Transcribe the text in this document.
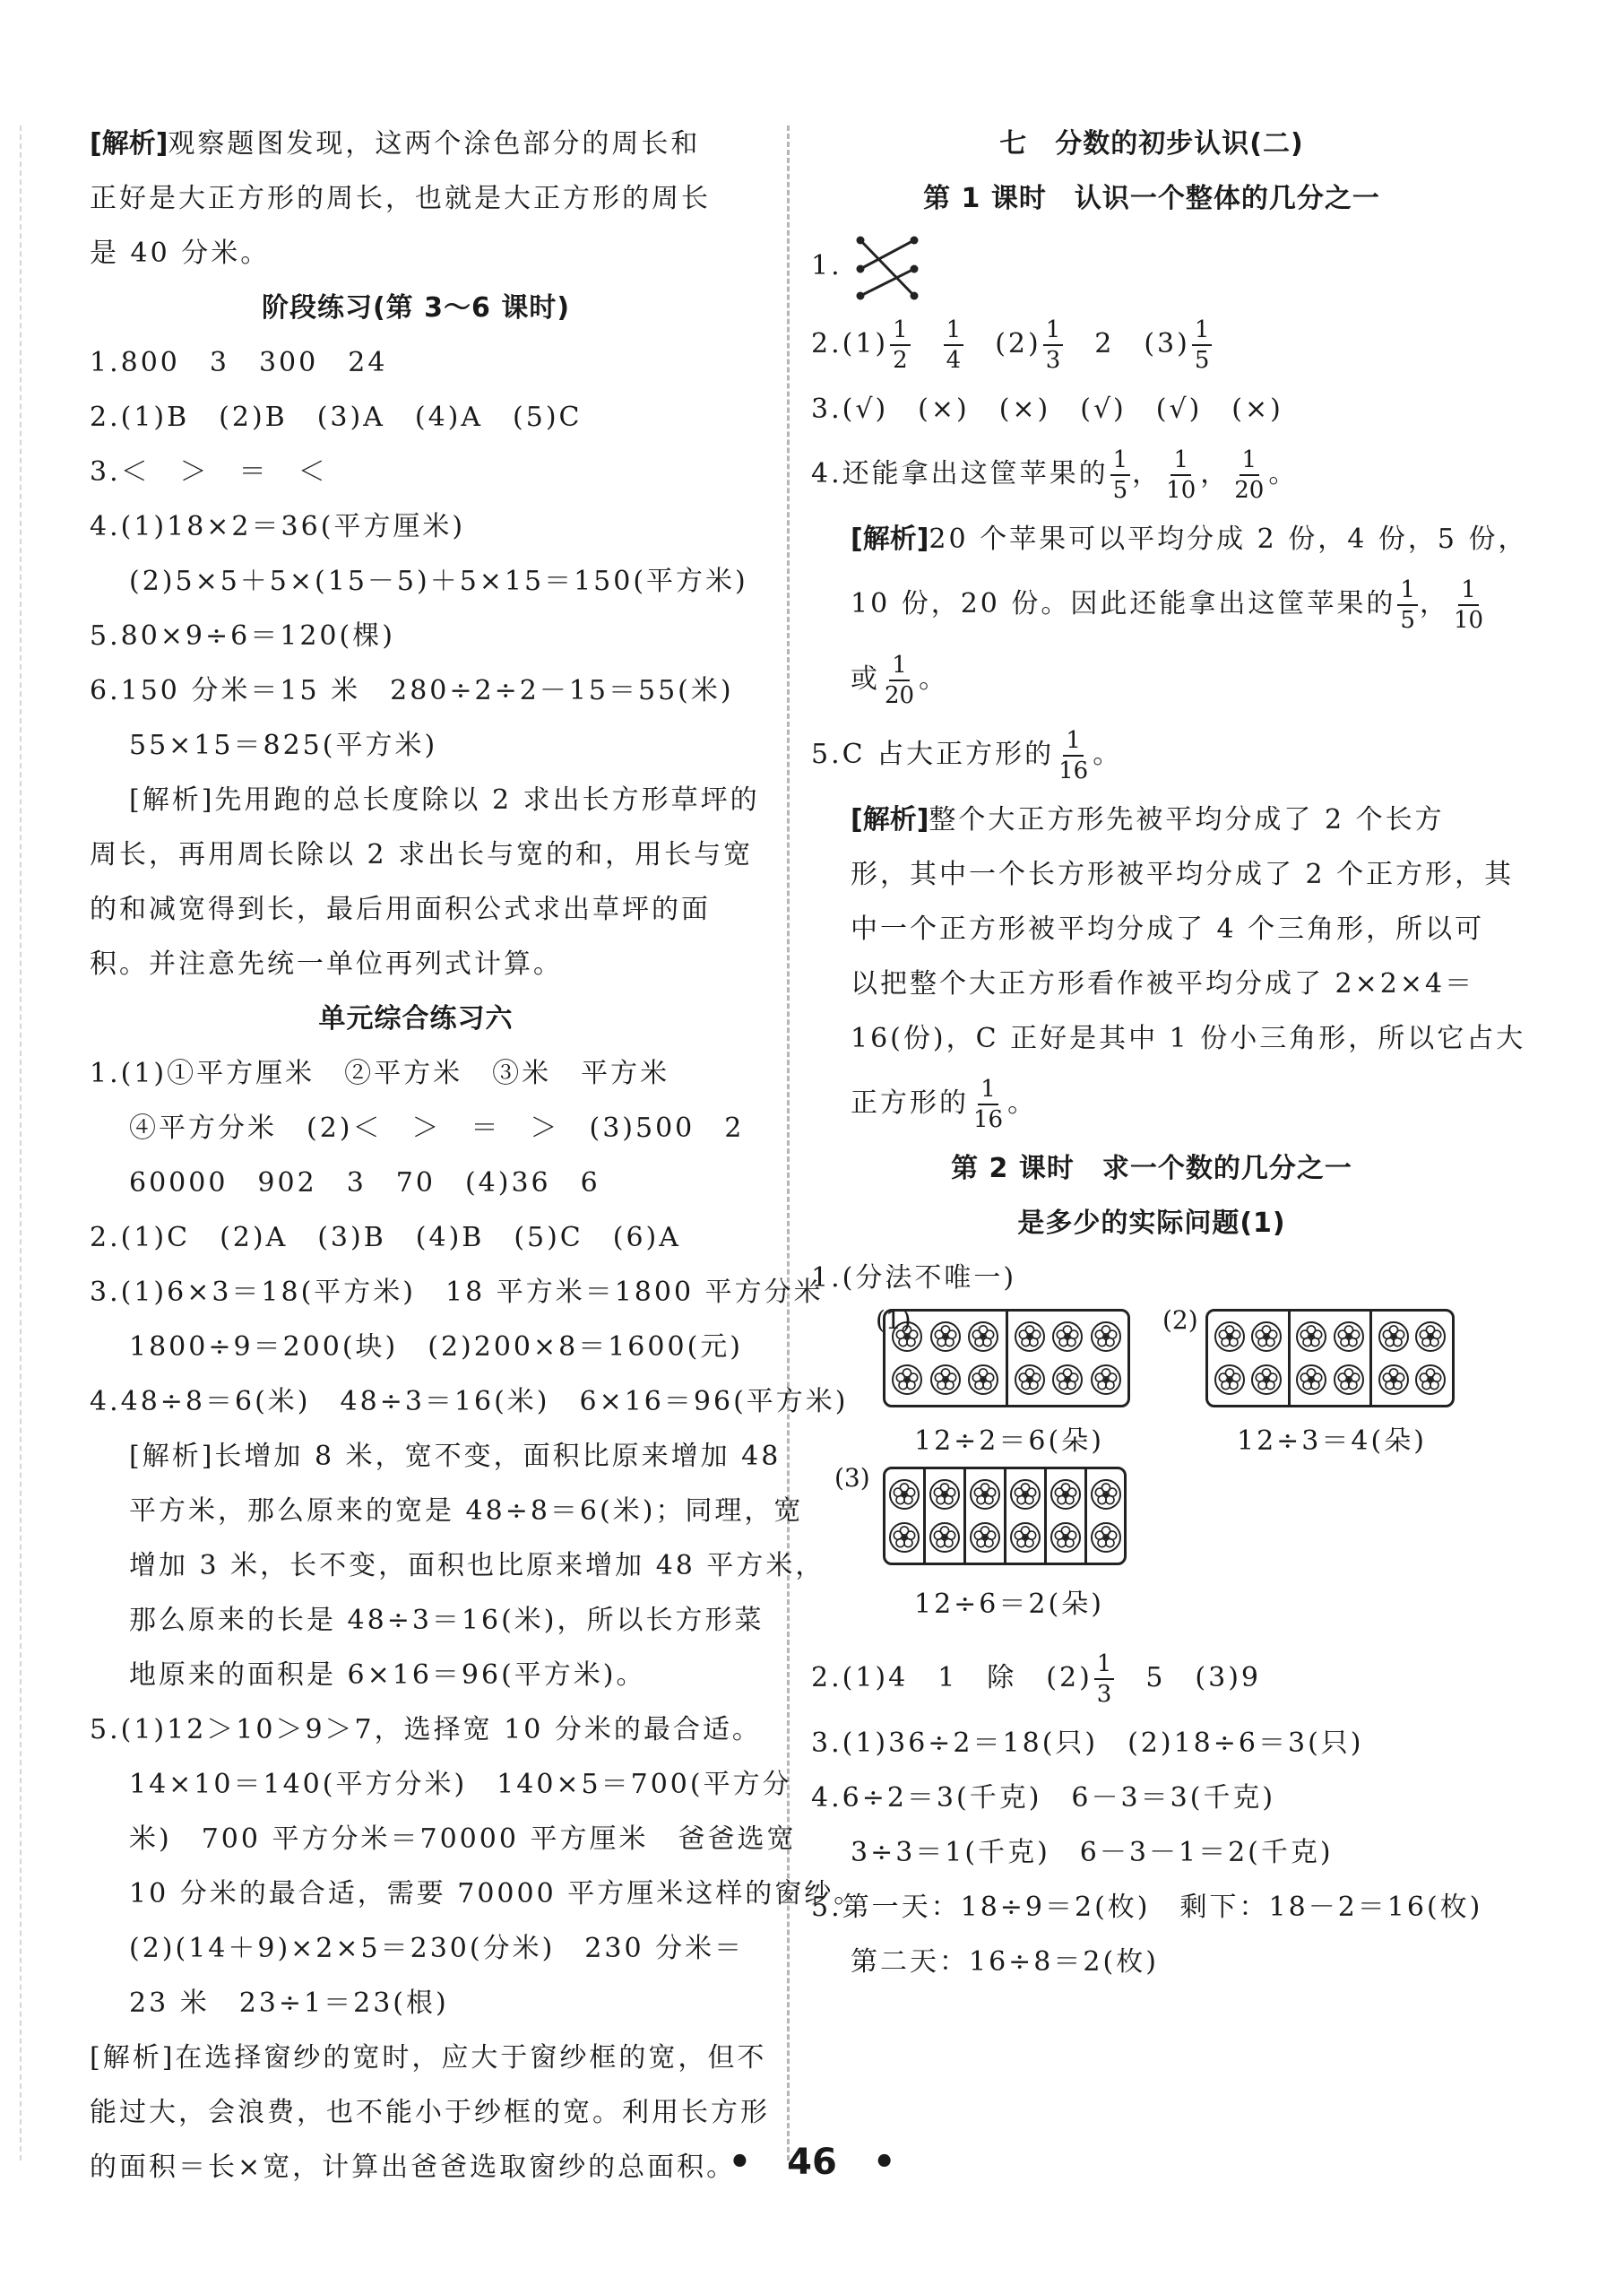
[解析]观察题图发现，这两个涂色部分的周长和
正好是大正方形的周长，也就是大正方形的周长
是 40 分米。
阶段练习(第 3～6 课时)
1.800　3　300　24
2.(1)B　(2)B　(3)A　(4)A　(5)C
3.＜　＞　＝　＜
4.(1)18×2＝36(平方厘米)
(2)5×5＋5×(15－5)＋5×15＝150(平方米)
5.80×9÷6＝120(棵)
6.150 分米＝15 米　280÷2÷2－15＝55(米)
55×15＝825(平方米)
[解析]先用跑的总长度除以 2 求出长方形草坪的
周长，再用周长除以 2 求出长与宽的和，用长与宽
的和减宽得到长，最后用面积公式求出草坪的面
积。并注意先统一单位再列式计算。
单元综合练习六
1.(1)①平方厘米　②平方米　③米　平方米
④平方分米　(2)＜　＞　＝　＞　(3)500　2
60000　902　3　70　(4)36　6
2.(1)C　(2)A　(3)B　(4)B　(5)C　(6)A
3.(1)6×3＝18(平方米)　18 平方米＝1800 平方分米
1800÷9＝200(块)　(2)200×8＝1600(元)
4.48÷8＝6(米)　48÷3＝16(米)　6×16＝96(平方米)
[解析]长增加 8 米，宽不变，面积比原来增加 48
平方米，那么原来的宽是 48÷8＝6(米)；同理，宽
增加 3 米，长不变，面积也比原来增加 48 平方米，
那么原来的长是 48÷3＝16(米)，所以长方形菜
地原来的面积是 6×16＝96(平方米)。
5.(1)12＞10＞9＞7，选择宽 10 分米的最合适。
14×10＝140(平方分米)　140×5＝700(平方分
米)　700 平方分米＝70000 平方厘米　爸爸选宽
10 分米的最合适，需要 70000 平方厘米这样的窗纱。
(2)(14＋9)×2×5＝230(分米)　230 分米＝
23 米　23÷1＝23(根)
[解析]在选择窗纱的宽时，应大于窗纱框的宽，但不
能过大，会浪费，也不能小于纱框的宽。利用长方形
的面积＝长×宽，计算出爸爸选取窗纱的总面积。
七　分数的初步认识(二)
第 1 课时　认识一个整体的几分之一
1.
$2.(1) \frac{1}{2}$
　 $\frac{1}{4}$
　 $(2) \frac{1}{3}$
　 2　$(3) \frac{1}{5}$
3.(√)　(×)　(×)　(√)　(√)　(×)
4.还能拿出这筐苹果的 $\frac{1}{5}$ ， $\frac{1}{10}$ ， $\frac{1}{20}$ 。
[解析]20 个苹果可以平均分成 2 份，4 份，5 份，
10 份，20 份。因此还能拿出这筐苹果的 $\frac{1}{5}$ ， $\frac{1}{10}$
或 $\frac{1}{20}$ 。
5.C 占大正方形的 $\frac{1}{16}$ 。
[解析]整个大正方形先被平均分成了 2 个长方
形，其中一个长方形被平均分成了 2 个正方形，其
中一个正方形被平均分成了 4 个三角形，所以可
以把整个大正方形看作被平均分成了 2×2×4＝
16(份)，C 正好是其中 1 份小三角形，所以它占大
正方形的 $\frac{1}{16}$ 。
第 2 课时　求一个数的几分之一
是多少的实际问题(1)
1.(分法不唯一)
(1)
12÷2＝6(朵)
(2)
12÷3＝4(朵)
(3)
12÷6＝2(朵)
2.(1)4　1　除　$(2) \frac{1}{3}$
　 5　(3)9
3.(1)36÷2＝18(只)　(2)18÷6＝3(只)
4.6÷2＝3(千克)　6－3＝3(千克)
3÷3＝1(千克)　6－3－1＝2(千克)
5.第一天：18÷9＝2(枚)　剩下：18－2＝16(枚)
第二天：16÷8＝2(枚)
•　 46　 •
